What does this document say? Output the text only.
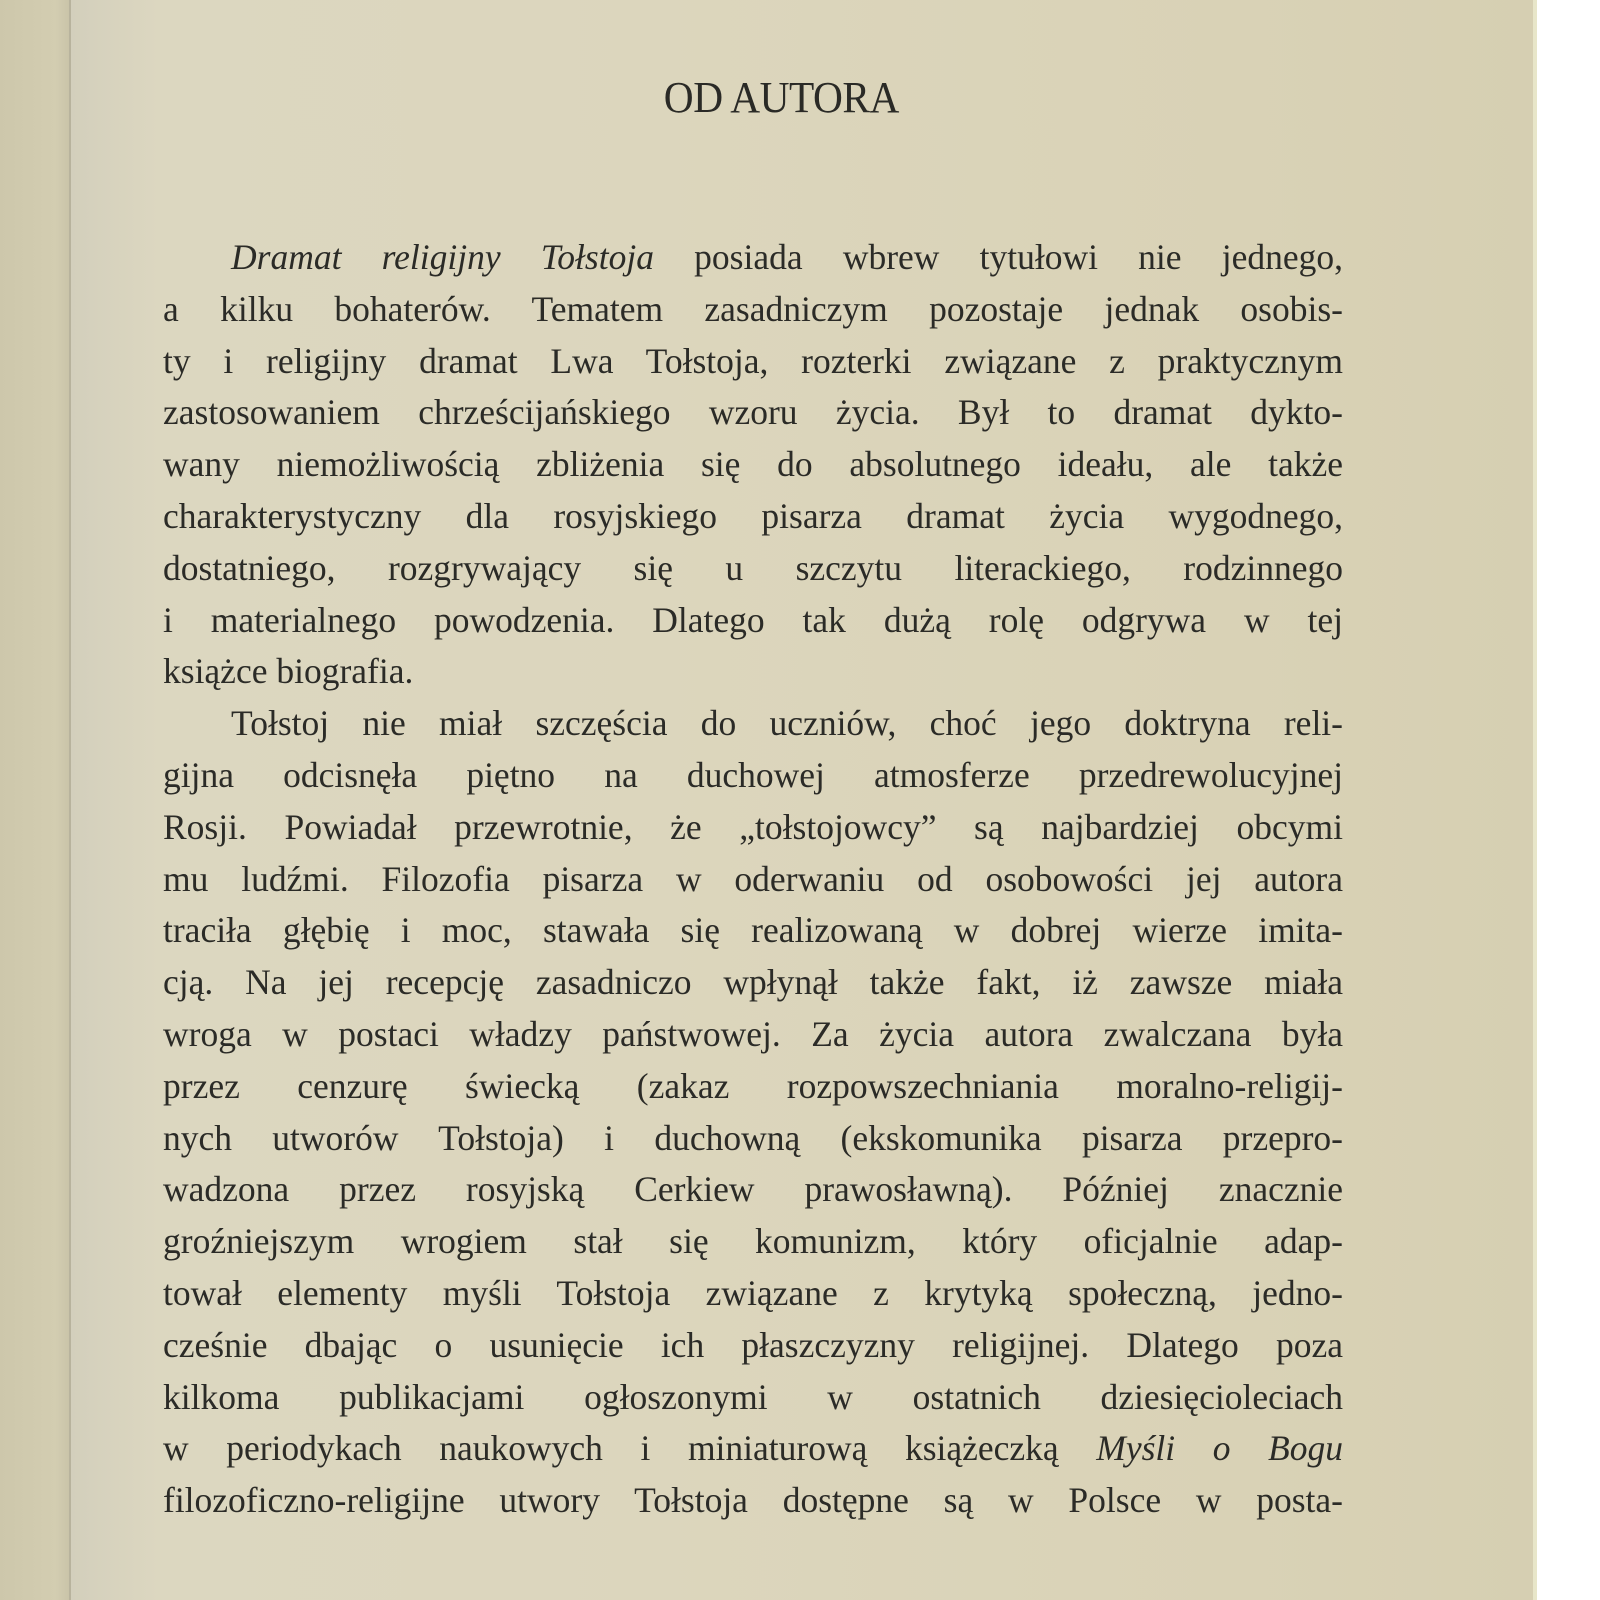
OD AUTORA
Dramat religijny Tołstoja posiada wbrew tytułowi nie jednego,
a kilku bohaterów. Tematem zasadniczym pozostaje jednak osobis-
ty i religijny dramat Lwa Tołstoja, rozterki związane z praktycznym
zastosowaniem chrześcijańskiego wzoru życia. Był to dramat dykto-
wany niemożliwością zbliżenia się do absolutnego ideału, ale także
charakterystyczny dla rosyjskiego pisarza dramat życia wygodnego,
dostatniego, rozgrywający się u szczytu literackiego, rodzinnego
i materialnego powodzenia. Dlatego tak dużą rolę odgrywa w tej
książce biografia.
Tołstoj nie miał szczęścia do uczniów, choć jego doktryna reli-
gijna odcisnęła piętno na duchowej atmosferze przedrewolucyjnej
Rosji. Powiadał przewrotnie, że „tołstojowcy” są najbardziej obcymi
mu ludźmi. Filozofia pisarza w oderwaniu od osobowości jej autora
traciła głębię i moc, stawała się realizowaną w dobrej wierze imita-
cją. Na jej recepcję zasadniczo wpłynął także fakt, iż zawsze miała
wroga w postaci władzy państwowej. Za życia autora zwalczana była
przez cenzurę świecką (zakaz rozpowszechniania moralno-religij-
nych utworów Tołstoja) i duchowną (ekskomunika pisarza przepro-
wadzona przez rosyjską Cerkiew prawosławną). Później znacznie
groźniejszym wrogiem stał się komunizm, który oficjalnie adap-
tował elementy myśli Tołstoja związane z krytyką społeczną, jedno-
cześnie dbając o usunięcie ich płaszczyzny religijnej. Dlatego poza
kilkoma publikacjami ogłoszonymi w ostatnich dziesięcioleciach
w periodykach naukowych i miniaturową książeczką Myśli o Bogu
filozoficzno-religijne utwory Tołstoja dostępne są w Polsce w posta-
